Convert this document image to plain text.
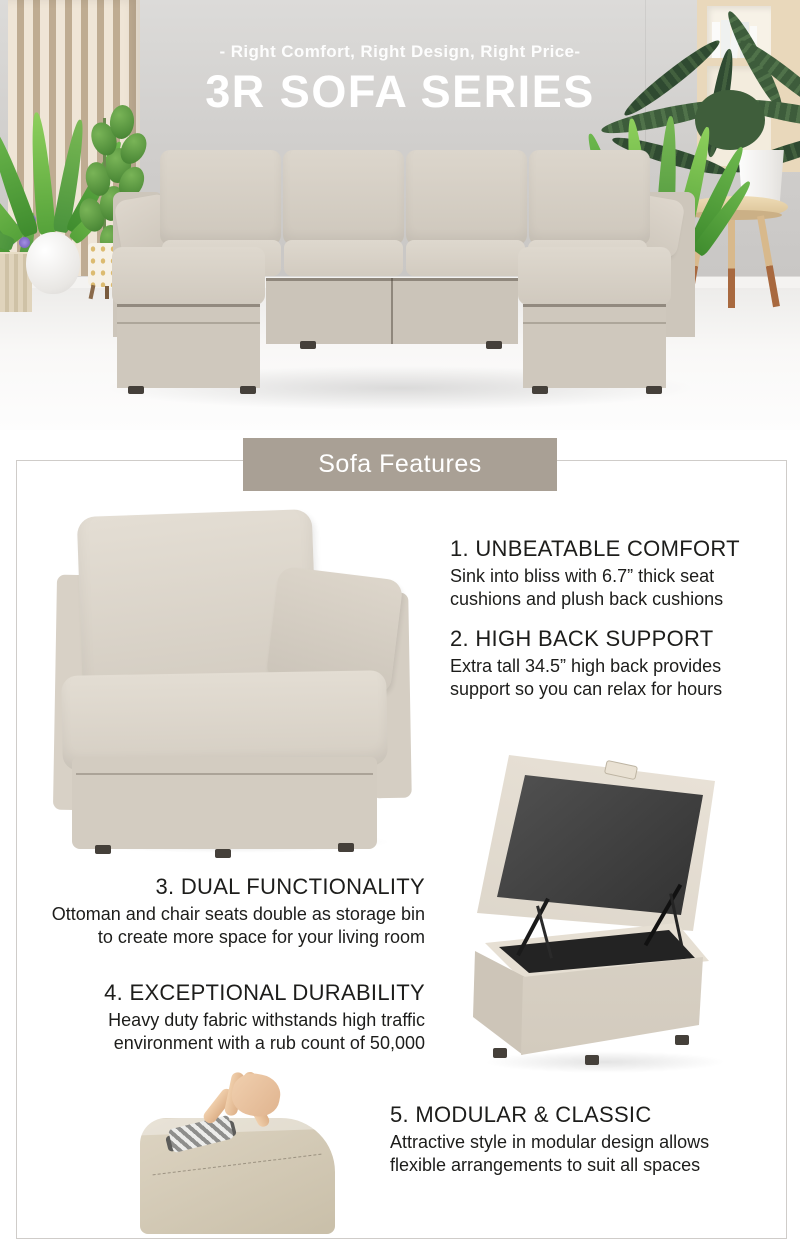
- Right Comfort, Right Design, Right Price-
3R SOFA SERIES
Sofa Features
1. UNBEATABLE COMFORT
Sink into bliss with 6.7” thick seat
cushions and plush back cushions
2. HIGH BACK SUPPORT
Extra tall 34.5” high back provides
support so you can relax for hours
3. DUAL FUNCTIONALITY
Ottoman and chair seats double as storage bin
to create more space for your living room
4. EXCEPTIONAL DURABILITY
Heavy duty fabric withstands high traffic
environment with a rub count of 50,000
5. MODULAR & CLASSIC
Attractive style in modular design allows
flexible arrangements to suit all spaces
